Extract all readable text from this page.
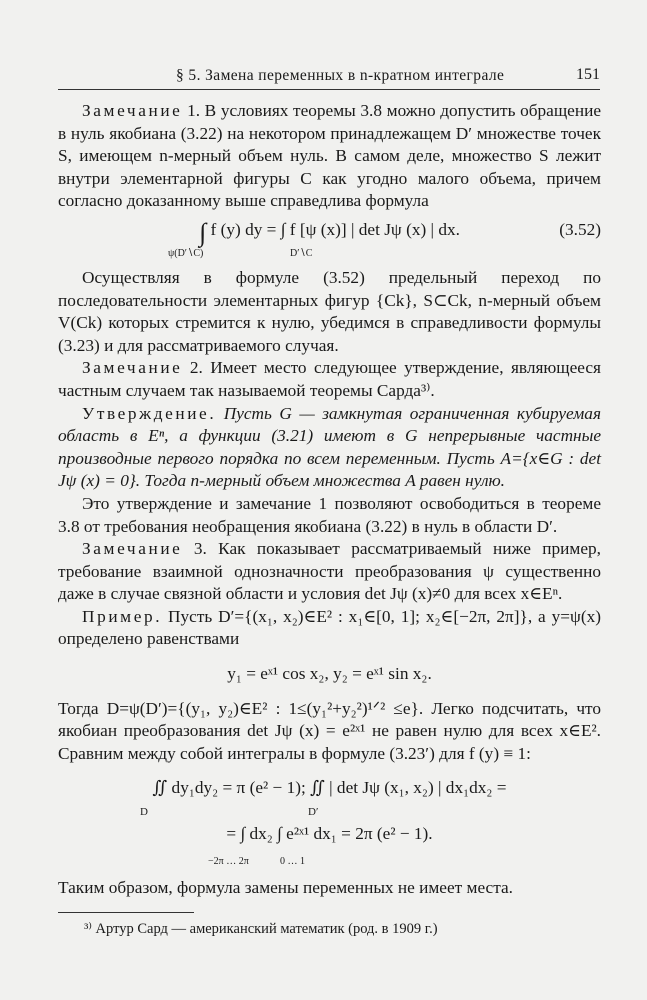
§ 5. Замена переменных в n-кратном интеграле	151
Замечание 1. В условиях теоремы 3.8 можно допустить обращение в нуль якобиана (3.22) на некотором принадлежащем D′ множестве точек S, имеющем n-мерный объем нуль. В самом деле, множество S лежит внутри элементарной фигуры C как угодно малого объема, причем согласно доказанному выше справедлива формула
∫ f (y) dy = ∫ f [ψ (x)] | det Jψ (x) | dx.	(3.52)
ψ(D′∖C)	D′∖C
Осуществляя в формуле (3.52) предельный переход по последовательности элементарных фигур {Ck}, S⊂Ck, n-мерный объем V(Ck) которых стремится к нулю, убедимся в справедливости формулы (3.23) и для рассматриваемого случая.
Замечание 2. Имеет место следующее утверждение, являющееся частным случаем так называемой теоремы Сарда³⁾.
Утверждение. Пусть G — замкнутая ограниченная кубируемая область в Eⁿ, а функции (3.21) имеют в G непрерывные частные производные первого порядка по всем переменным. Пусть A={x∈G : det Jψ (x) = 0}. Тогда n-мерный объем множества A равен нулю.
Это утверждение и замечание 1 позволяют освободиться в теореме 3.8 от требования необращения якобиана (3.22) в нуль в области D′.
Замечание 3. Как показывает рассматриваемый ниже пример, требование взаимной однозначности преобразования ψ существенно даже в случае связной области и условия det Jψ (x)≠0 для всех x∈Eⁿ.
Пример. Пусть D′={(x₁, x₂)∈E² : x₁∈[0, 1]; x₂∈[−2π, 2π]}, а y=ψ(x) определено равенствами
y₁ = eˣ¹ cos x₂, y₂ = eˣ¹ sin x₂.
Тогда D=ψ(D′)={(y₁, y₂)∈E² : 1≤(y₁²+y₂²)¹ᐟ² ≤e}. Легко подсчитать, что якобиан преобразования det Jψ (x) = e²ˣ¹ не равен нулю для всех x∈E². Сравним между собой интегралы в формуле (3.23′) для f (y) ≡ 1:
∬ dy₁dy₂ = π (e² − 1); ∬ | det Jψ (x₁, x₂) | dx₁dx₂ =
D	D′
= ∫ dx₂ ∫ e²ˣ¹ dx₁ = 2π (e² − 1).
−2π … 2π	0 … 1
Таким образом, формула замены переменных не имеет места.
³⁾ Артур Сард — американский математик (род. в 1909 г.)
